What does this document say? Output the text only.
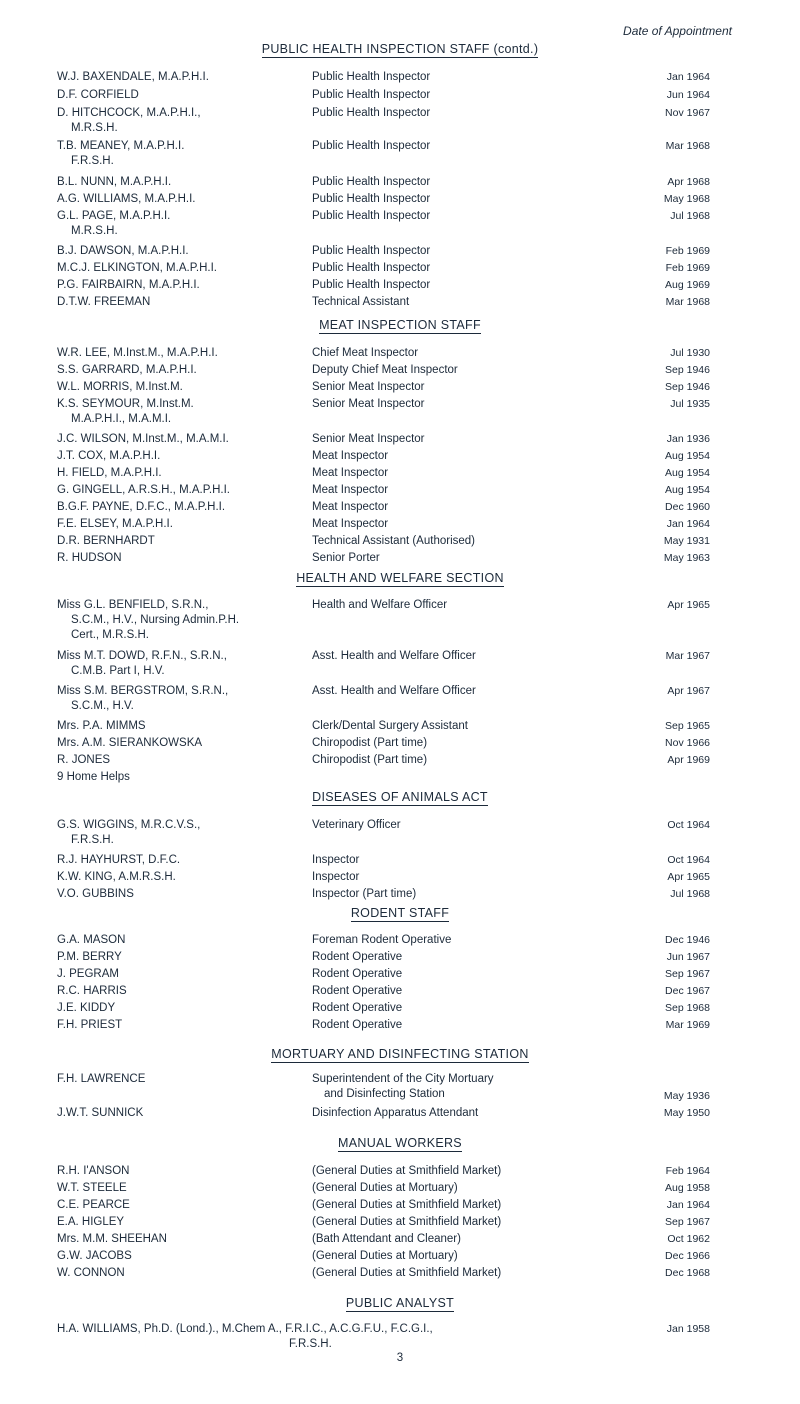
Date of Appointment
PUBLIC HEALTH INSPECTION STAFF (contd.)
W.J. BAXENDALE, M.A.P.H.I.	Public Health Inspector	Jan 1964
D.F. CORFIELD	Public Health Inspector	Jun 1964
D. HITCHCOCK, M.A.P.H.I.,
M.R.S.H.
Public Health Inspector	Nov 1967
T.B. MEANEY, M.A.P.H.I.
F.R.S.H.
Public Health Inspector	Mar 1968
B.L. NUNN, M.A.P.H.I.	Public Health Inspector	Apr 1968
A.G. WILLIAMS, M.A.P.H.I.	Public Health Inspector	May 1968
G.L. PAGE, M.A.P.H.I.
M.R.S.H.
Public Health Inspector	Jul 1968
B.J. DAWSON, M.A.P.H.I.	Public Health Inspector	Feb 1969
M.C.J. ELKINGTON, M.A.P.H.I.	Public Health Inspector	Feb 1969
P.G. FAIRBAIRN, M.A.P.H.I.	Public Health Inspector	Aug 1969
D.T.W. FREEMAN	Technical Assistant	Mar 1968
MEAT INSPECTION STAFF
W.R. LEE, M.Inst.M., M.A.P.H.I.	Chief Meat Inspector	Jul 1930
S.S. GARRARD, M.A.P.H.I.	Deputy Chief Meat Inspector	Sep 1946
W.L. MORRIS, M.Inst.M.	Senior Meat Inspector	Sep 1946
K.S. SEYMOUR, M.Inst.M.
M.A.P.H.I., M.A.M.I.
Senior Meat Inspector	Jul 1935
J.C. WILSON, M.Inst.M., M.A.M.I.	Senior Meat Inspector	Jan 1936
J.T. COX, M.A.P.H.I.	Meat Inspector	Aug 1954
H. FIELD, M.A.P.H.I.	Meat Inspector	Aug 1954
G. GINGELL, A.R.S.H., M.A.P.H.I.	Meat Inspector	Aug 1954
B.G.F. PAYNE, D.F.C., M.A.P.H.I.	Meat Inspector	Dec 1960
F.E. ELSEY, M.A.P.H.I.	Meat Inspector	Jan 1964
D.R. BERNHARDT	Technical Assistant (Authorised)	May 1931
R. HUDSON	Senior Porter	May 1963
HEALTH AND WELFARE SECTION
Miss G.L. BENFIELD, S.R.N.,
S.C.M., H.V., Nursing Admin.P.H.
Cert., M.R.S.H.
Health and Welfare Officer	Apr 1965
Miss M.T. DOWD, R.F.N., S.R.N.,
C.M.B. Part I, H.V.
Asst. Health and Welfare Officer	Mar 1967
Miss S.M. BERGSTROM, S.R.N.,
S.C.M., H.V.
Asst. Health and Welfare Officer	Apr 1967
Mrs. P.A. MIMMS	Clerk/Dental Surgery Assistant	Sep 1965
Mrs. A.M. SIERANKOWSKA	Chiropodist (Part time)	Nov 1966
R. JONES	Chiropodist (Part time)	Apr 1969
9 Home Helps
DISEASES OF ANIMALS ACT
G.S. WIGGINS, M.R.C.V.S.,
F.R.S.H.
Veterinary Officer	Oct 1964
R.J. HAYHURST, D.F.C.	Inspector	Oct 1964
K.W. KING, A.M.R.S.H.	Inspector	Apr 1965
V.O. GUBBINS	Inspector (Part time)	Jul 1968
RODENT STAFF
G.A. MASON	Foreman Rodent Operative	Dec 1946
P.M. BERRY	Rodent Operative	Jun 1967
J. PEGRAM	Rodent Operative	Sep 1967
R.C. HARRIS	Rodent Operative	Dec 1967
J.E. KIDDY	Rodent Operative	Sep 1968
F.H. PRIEST	Rodent Operative	Mar 1969
MORTUARY AND DISINFECTING STATION
F.H. LAWRENCE	Superintendent of the City Mortuary
and Disinfecting Station	May 1936
J.W.T. SUNNICK	Disinfection Apparatus Attendant	May 1950
MANUAL WORKERS
R.H. I'ANSON	(General Duties at Smithfield Market)	Feb 1964
W.T. STEELE	(General Duties at Mortuary)	Aug 1958
C.E. PEARCE	(General Duties at Smithfield Market)	Jan 1964
E.A. HIGLEY	(General Duties at Smithfield Market)	Sep 1967
Mrs. M.M. SHEEHAN	(Bath Attendant and Cleaner)	Oct 1962
G.W. JACOBS	(General Duties at Mortuary)	Dec 1966
W. CONNON	(General Duties at Smithfield Market)	Dec 1968
PUBLIC ANALYST
H.A. WILLIAMS, Ph.D. (Lond.)., M.Chem A., F.R.I.C., A.C.G.F.U., F.C.G.I.,
F.R.S.H.
Jan 1958
3
